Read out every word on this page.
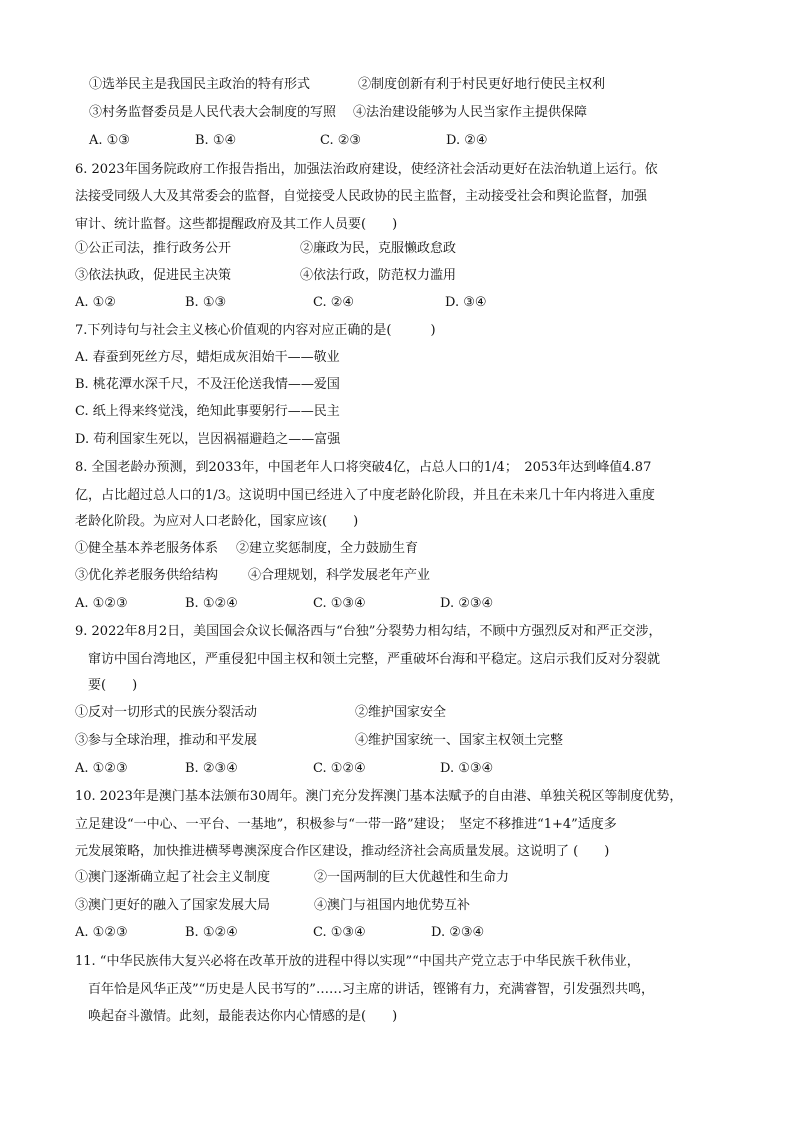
①选举民主是我国民主政治的特有形式	②制度创新有利于村民更好地行使民主权利
③村务监督委员是人民代表大会制度的写照 ④法治建设能够为人民当家作主提供保障
A. ①③	B. ①④	C. ②③	D. ②④
6. 2023年国务院政府工作报告指出，加强法治政府建设，使经济社会活动更好在法治轨道上运行。依
法接受同级人大及其常委会的监督，自觉接受人民政协的民主监督，主动接受社会和舆论监督，加强
审计、统计监督。这些都提醒政府及其工作人员要(　　)
①公正司法，推行政务公开	②廉政为民，克服懒政怠政
③依法执政，促进民主决策	④依法行政，防范权力滥用
A. ①②	B. ①③	C. ②④	D. ③④
7.下列诗句与社会主义核心价值观的内容对应正确的是(　　　)
A. 春蚕到死丝方尽，蜡炬成灰泪始干——敬业
B. 桃花潭水深千尺，不及汪伦送我情——爱国
C. 纸上得来终觉浅，绝知此事要躬行——民主
D. 苟利国家生死以，岂因祸福避趋之——富强
8. 全国老龄办预测，到2033年，中国老年人口将突破4亿，占总人口的1/4；　2053年达到峰值4.87
亿，占比超过总人口的1/3。这说明中国已经进入了中度老龄化阶段，并且在未来几十年内将进入重度
老龄化阶段。为应对人口老龄化，国家应该(　　)
①健全基本养老服务体系 ②建立奖惩制度，全力鼓励生育
③优化养老服务供给结构 ④合理规划，科学发展老年产业
A. ①②③	B. ①②④	C. ①③④	D. ②③④
9. 2022年8月2日，美国国会众议长佩洛西与“台独”分裂势力相勾结，不顾中方强烈反对和严正交涉，
窜访中国台湾地区，严重侵犯中国主权和领土完整，严重破坏台海和平稳定。这启示我们反对分裂就
要(　　)
①反对一切形式的民族分裂活动	②维护国家安全
③参与全球治理，推动和平发展	④维护国家统一、国家主权领土完整
A. ①②③	B. ②③④	C. ①②④	D. ①③④
10. 2023年是澳门基本法颁布30周年。澳门充分发挥澳门基本法赋予的自由港、单独关税区等制度优势，
立足建设“一中心、一平台、一基地”，积极参与“一带一路”建设；　坚定不移推进“1+4”适度多
元发展策略，加快推进横琴粤澳深度合作区建设，推动经济社会高质量发展。这说明了 (　　)
①澳门逐渐确立起了社会主义制度	②一国两制的巨大优越性和生命力
③澳门更好的融入了国家发展大局	④澳门与祖国内地优势互补
A. ①②③	B. ①②④	C. ①③④	D. ②③④
11. “中华民族伟大复兴必将在改革开放的进程中得以实现”“中国共产党立志于中华民族千秋伟业，
百年恰是风华正茂”“历史是人民书写的”……习主席的讲话，铿锵有力，充满睿智，引发强烈共鸣，
唤起奋斗激情。此刻，最能表达你内心情感的是(　　)
